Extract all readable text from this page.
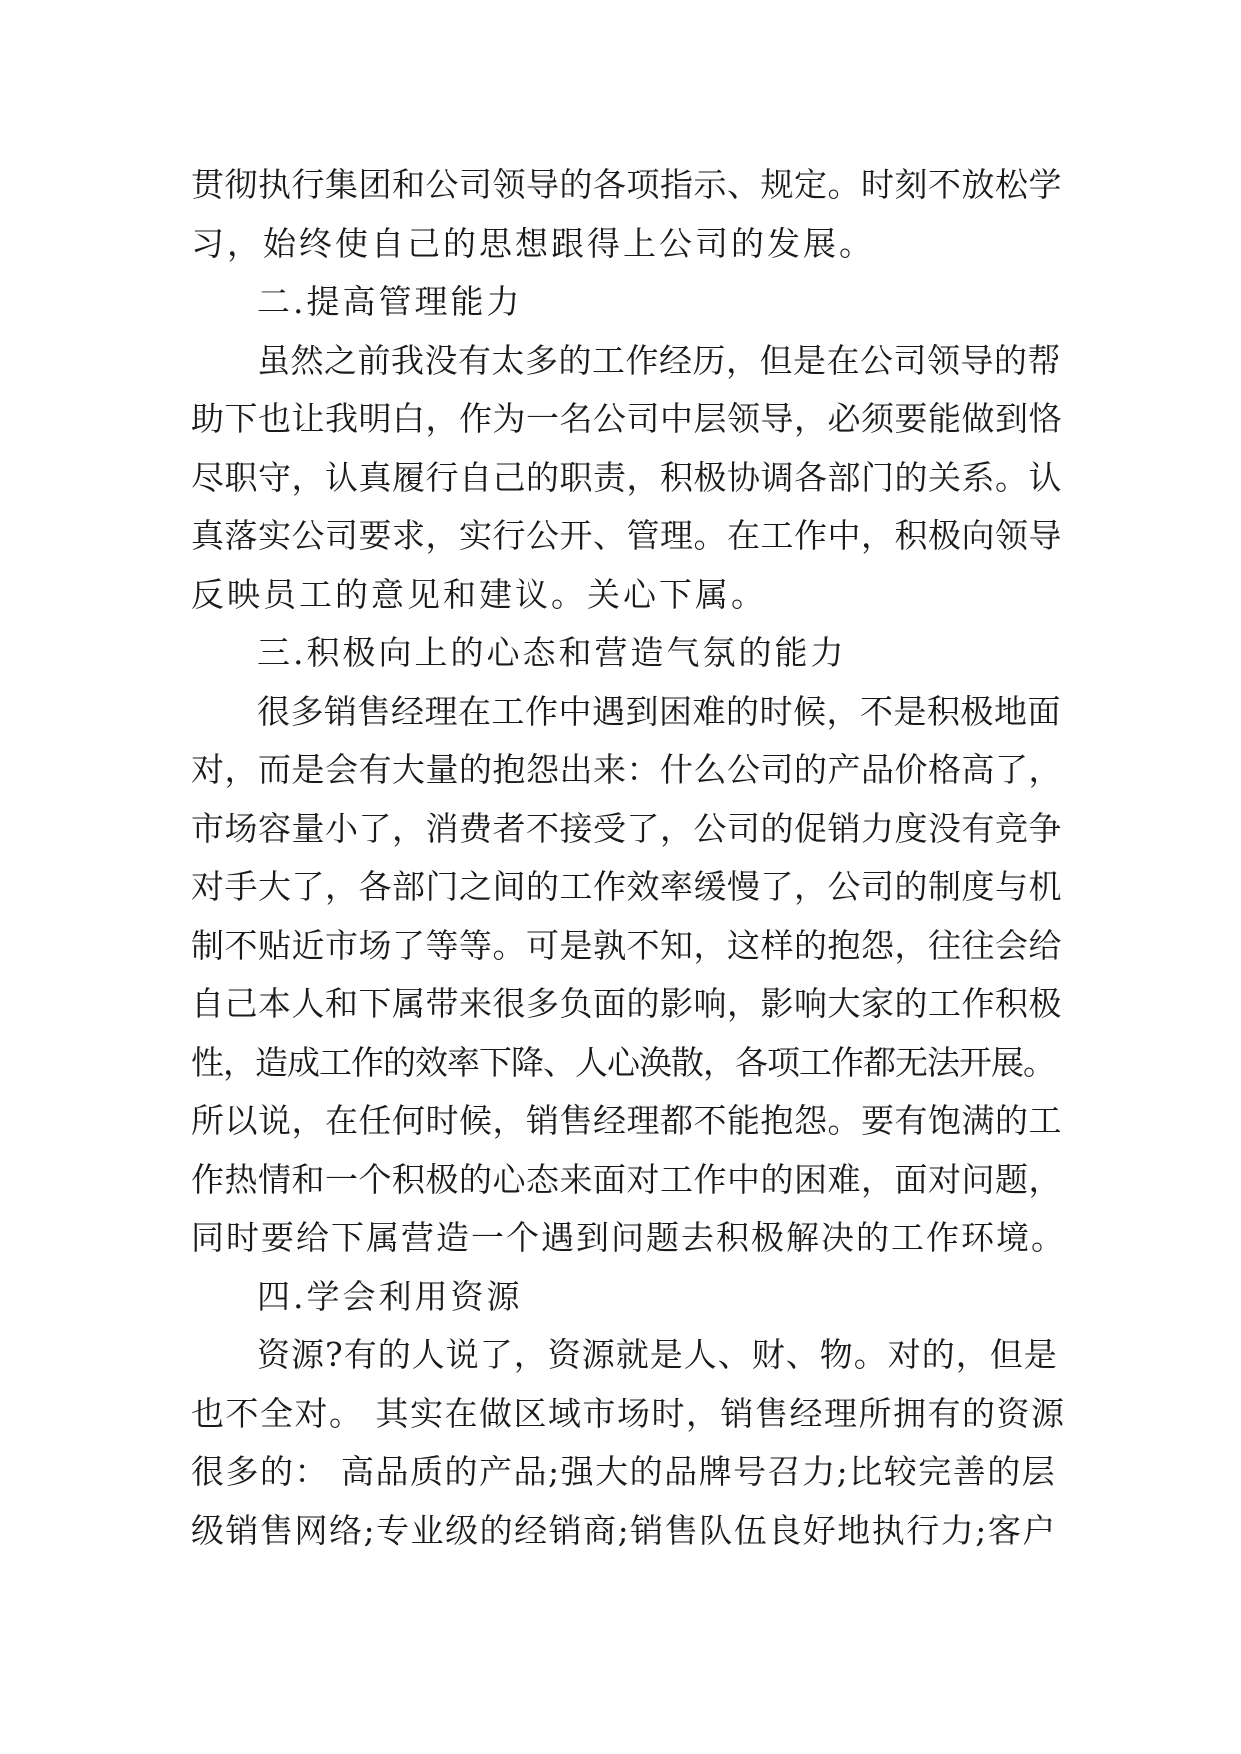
贯彻执行集团和公司领导的各项指示、规定。时刻不放松学
习，始终使自己的思想跟得上公司的发展。
二.提高管理能力
虽然之前我没有太多的工作经历，但是在公司领导的帮
助下也让我明白，作为一名公司中层领导，必须要能做到恪
尽职守，认真履行自己的职责，积极协调各部门的关系。认
真落实公司要求，实行公开、管理。在工作中，积极向领导
反映员工的意见和建议。关心下属。
三.积极向上的心态和营造气氛的能力
很多销售经理在工作中遇到困难的时候，不是积极地面
对，而是会有大量的抱怨出来：什么公司的产品价格高了，
市场容量小了，消费者不接受了，公司的促销力度没有竞争
对手大了，各部门之间的工作效率缓慢了，公司的制度与机
制不贴近市场了等等。可是孰不知，这样的抱怨，往往会给
自己本人和下属带来很多负面的影响，影响大家的工作积极
性，造成工作的效率下降、人心涣散，各项工作都无法开展。
所以说，在任何时候，销售经理都不能抱怨。要有饱满的工
作热情和一个积极的心态来面对工作中的困难，面对问题，
同时要给下属营造一个遇到问题去积极解决的工作环境。
四.学会利用资源
资源?有的人说了，资源就是人、财、物。对的，但是
也不全对。 其实在做区域市场时，销售经理所拥有的资源
很多的： 高品质的产品;强大的品牌号召力;比较完善的层
级销售网络;专业级的经销商;销售队伍良好地执行力;客户
